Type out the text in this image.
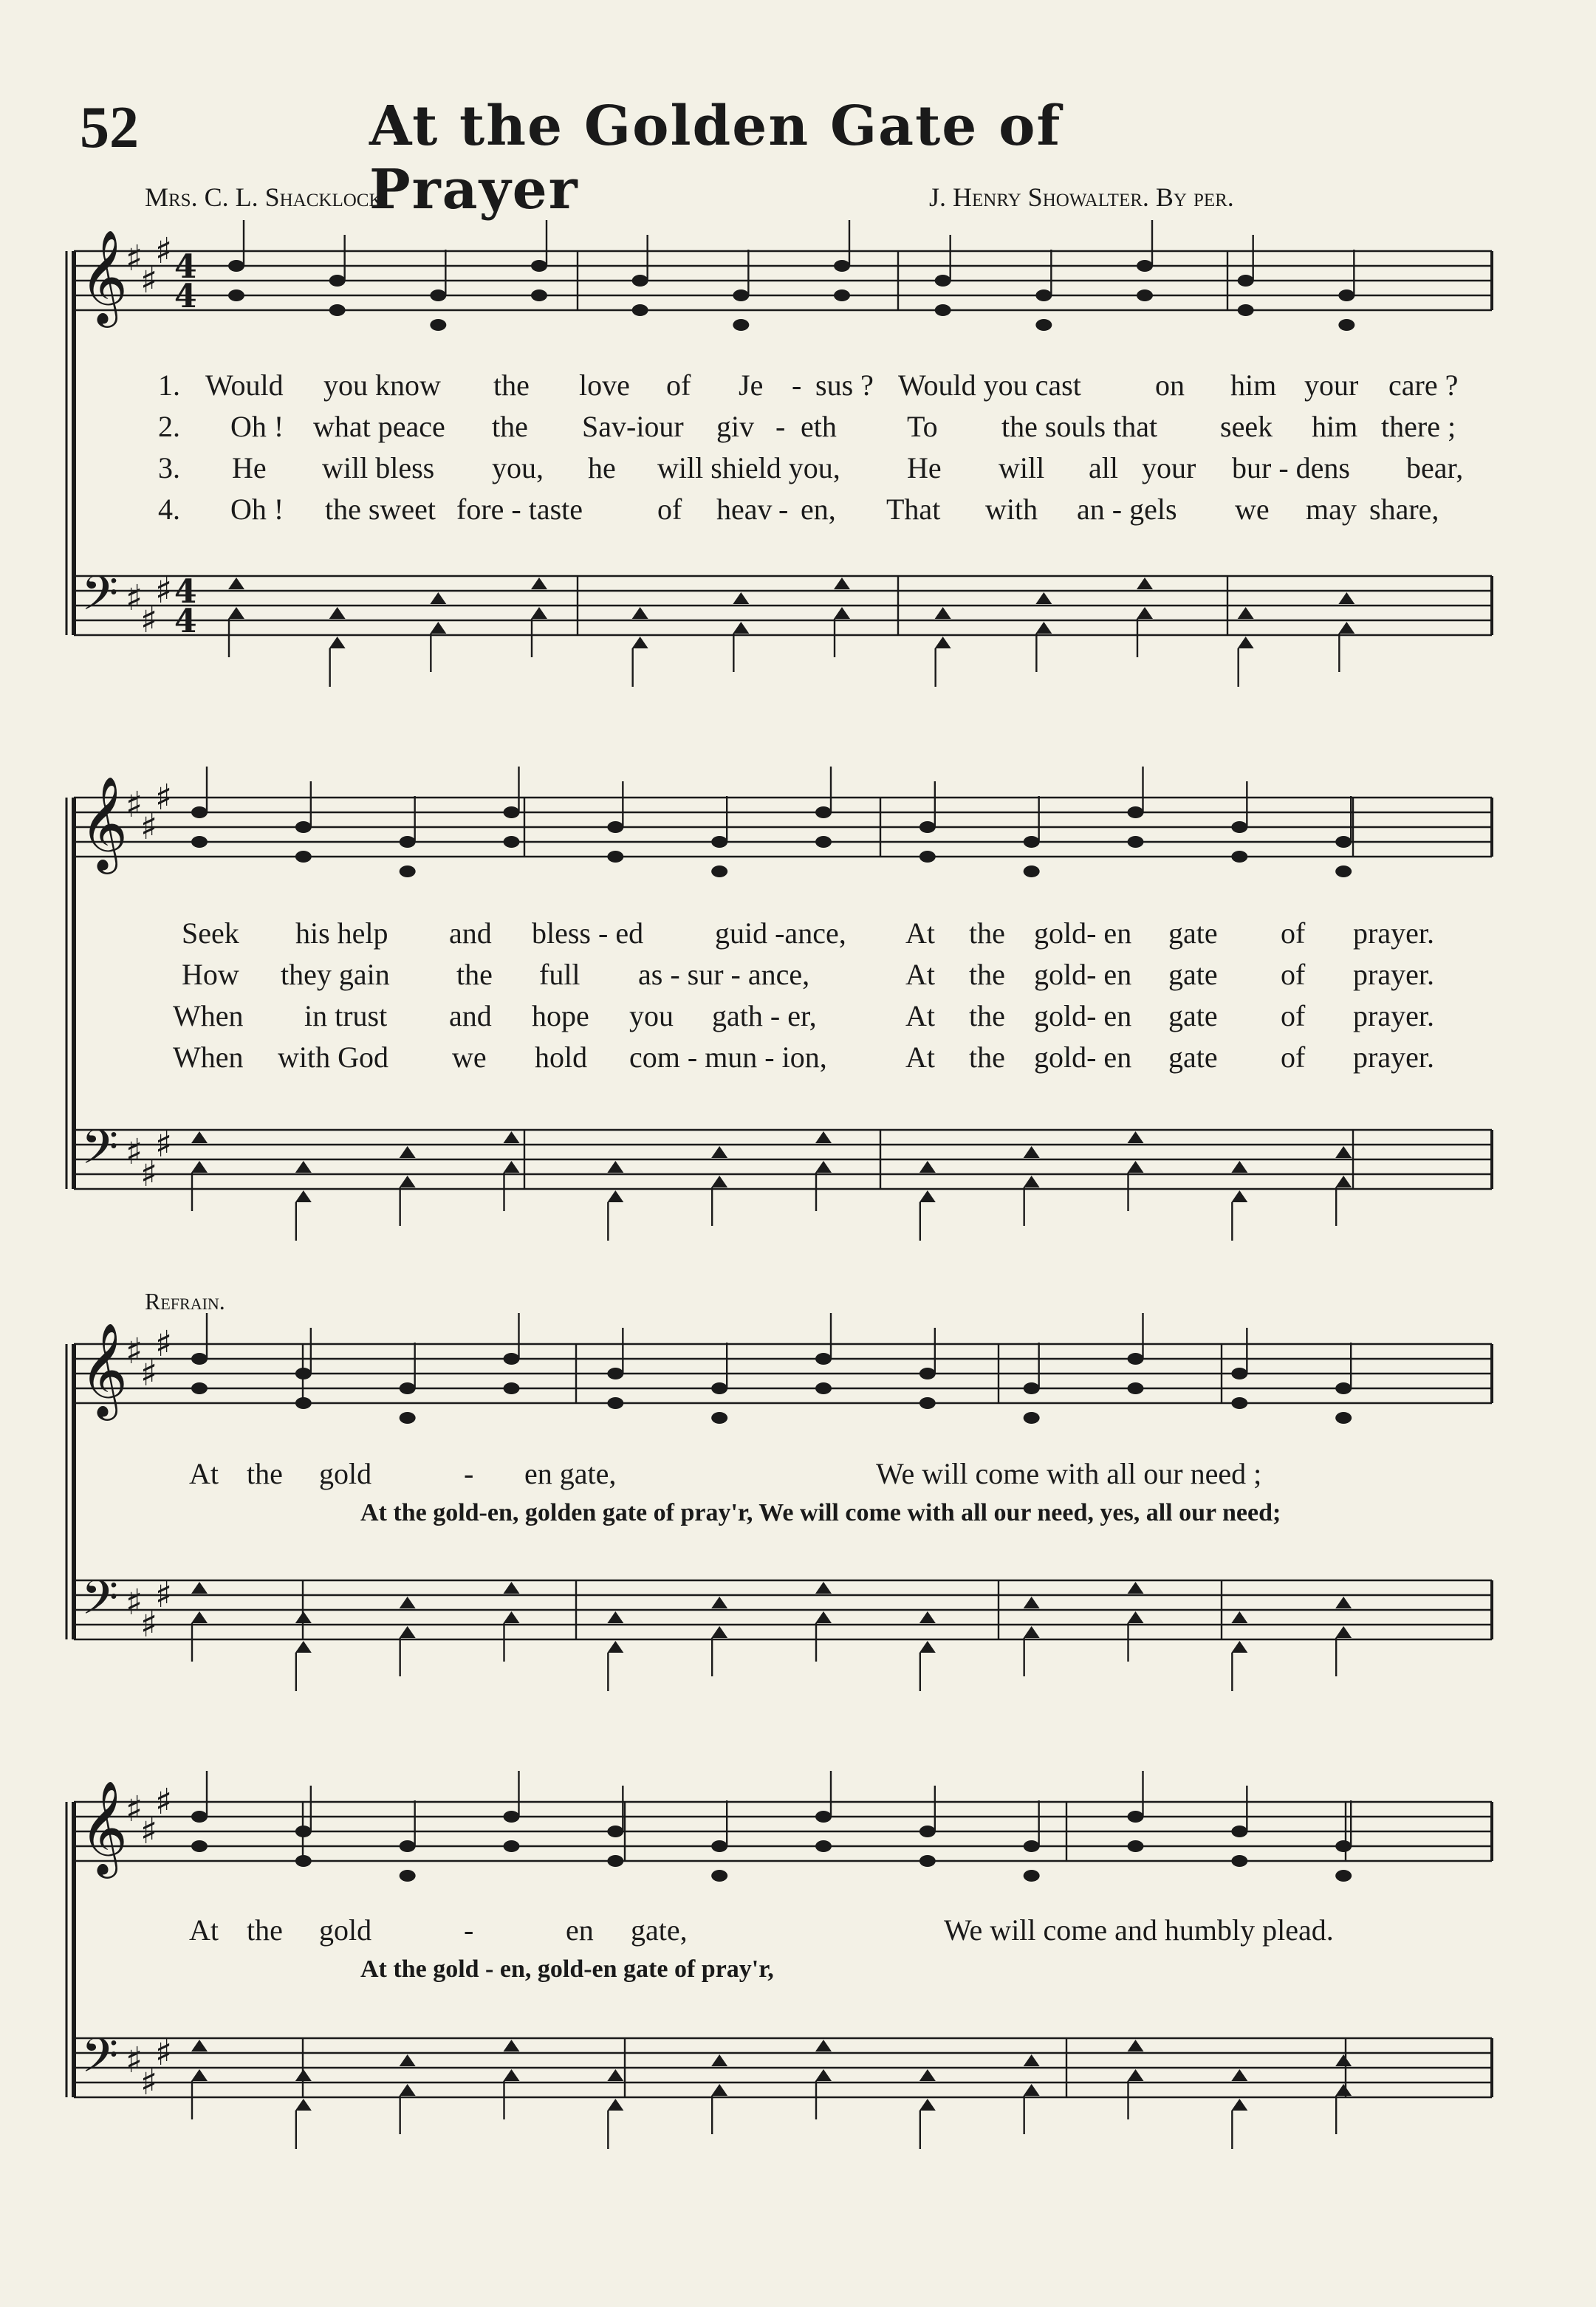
52	At the Golden Gate of Prayer
Mrs. C. L. Shacklock	J. Henry Showalter. By per.
𝄞
𝄢
♯
♯
♯
♯
♯
♯
4
4
4
4
𝄞
𝄢
♯
♯
♯
♯
♯
♯
𝄞
𝄢
♯
♯
♯
♯
♯
♯
𝄞
𝄢
♯
♯
♯
♯
♯
♯
1. Would you know the love of Je - sus ? Would you cast	on him your care ?
2. Oh ! what peace the Sav-iour giv - eth To the souls that seek him there ;
3. He will bless you, he will shield you, He will all your bur - dens bear,
4. Oh ! the sweet fore - taste	of heav - en, That with an - gels we may share,
Seek his help and bless - ed guid -ance, At the gold- en gate of prayer.
How they gain the full as - sur - ance,	At the gold- en gate of prayer.
When in trust and hope you gath - er,	At the gold- en gate of prayer.
When with God we hold com - mun - ion,	At the gold- en gate of prayer.
Refrain.
At the gold	- en gate,	We will come with all our need ;
At the gold-en, golden gate of pray'r, We will come with all our need, yes, all our need;
At the gold	-	en gate,	We will come and humbly plead.
At the gold - en, gold-en gate of pray'r,
